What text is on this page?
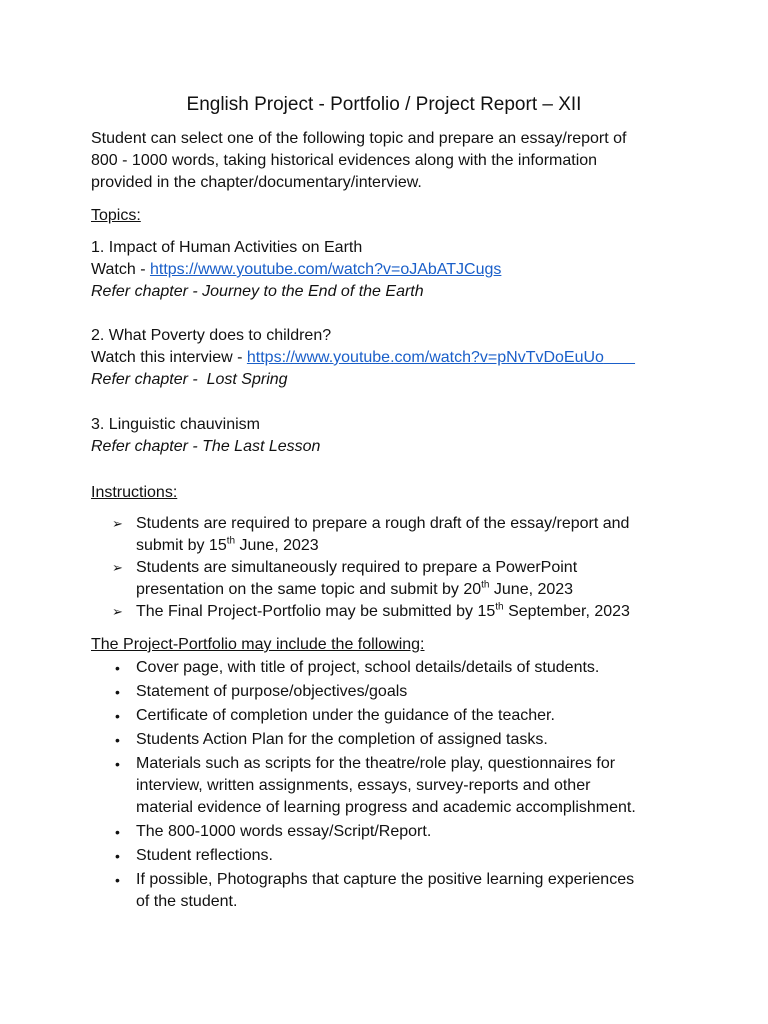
English Project - Portfolio / Project Report – XII
Student can select one of the following topic and prepare an essay/report of
800 - 1000 words, taking historical evidences along with the information
provided in the chapter/documentary/interview.
Topics:
1. Impact of Human Activities on Earth
Watch - https://www.youtube.com/watch?v=oJAbATJCugs
Refer chapter - Journey to the End of the Earth
2. What Poverty does to children?
Watch this interview - https://www.youtube.com/watch?v=pNvTvDoEuUo
Refer chapter -  Lost Spring
3. Linguistic chauvinism
Refer chapter - The Last Lesson
Instructions:
➢ Students are required to prepare a rough draft of the essay/report and
submit by 15th June, 2023
➢ Students are simultaneously required to prepare a PowerPoint
presentation on the same topic and submit by 20th June, 2023
➢ The Final Project-Portfolio may be submitted by 15th September, 2023
The Project-Portfolio may include the following:
• Cover page, with title of project, school details/details of students.
• Statement of purpose/objectives/goals
• Certificate of completion under the guidance of the teacher.
• Students Action Plan for the completion of assigned tasks.
• Materials such as scripts for the theatre/role play, questionnaires for
interview, written assignments, essays, survey-reports and other
material evidence of learning progress and academic accomplishment.
• The 800-1000 words essay/Script/Report.
• Student reflections.
• If possible, Photographs that capture the positive learning experiences
of the student.
